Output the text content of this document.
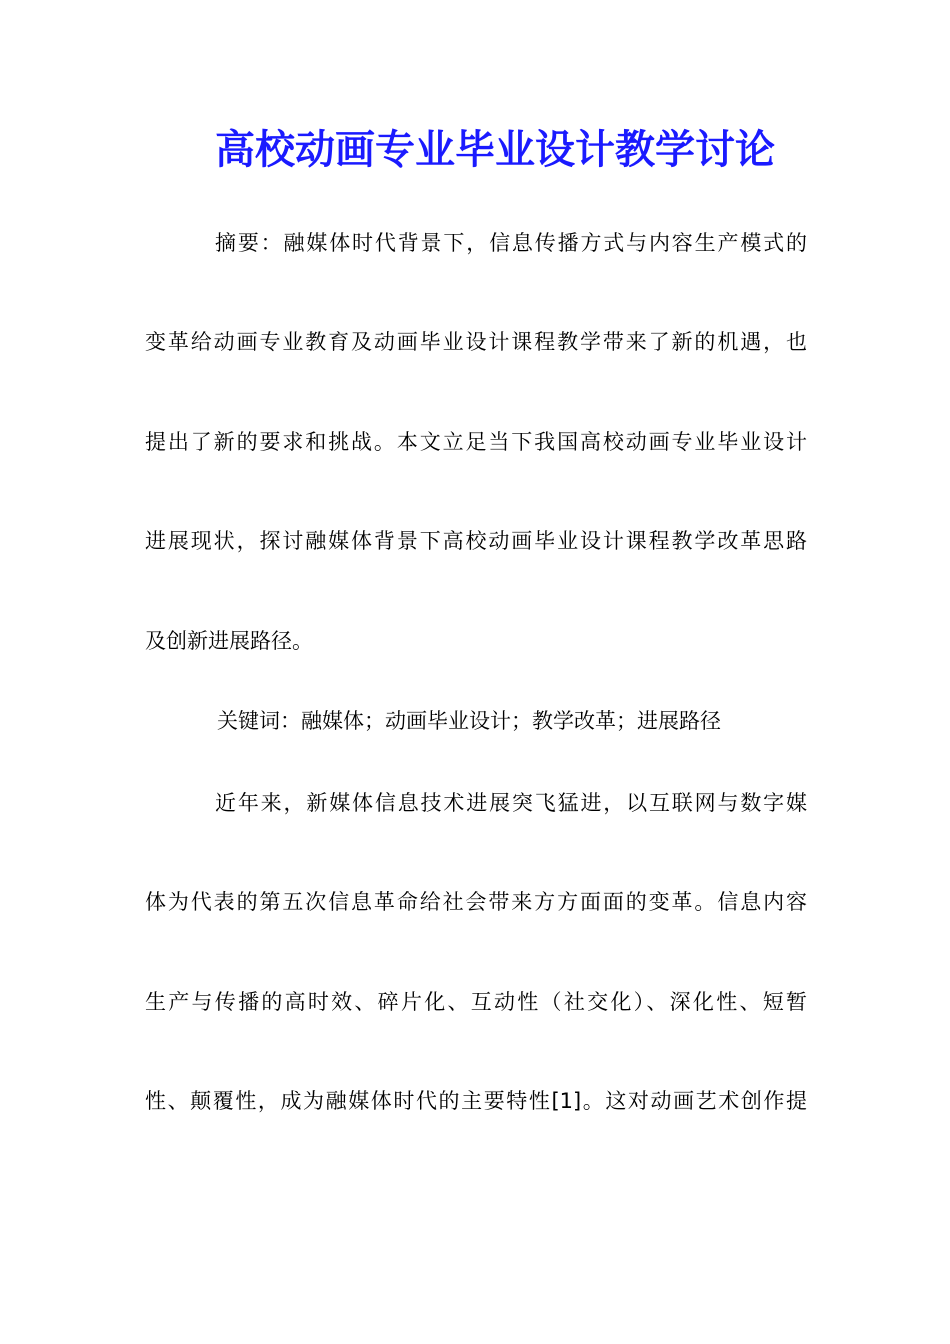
高校动画专业毕业设计教学讨论
摘要：融媒体时代背景下，信息传播方式与内容生产模式的
变革给动画专业教育及动画毕业设计课程教学带来了新的机遇，也
提出了新的要求和挑战。本文立足当下我国高校动画专业毕业设计
进展现状，探讨融媒体背景下高校动画毕业设计课程教学改革思路
及创新进展路径。
关键词：融媒体；动画毕业设计；教学改革；进展路径
近年来，新媒体信息技术进展突飞猛进，以互联网与数字媒
体为代表的第五次信息革命给社会带来方方面面的变革。信息内容
生产与传播的高时效、碎片化、互动性（社交化）、深化性、短暂
性、颠覆性，成为融媒体时代的主要特性[1]。这对动画艺术创作提
